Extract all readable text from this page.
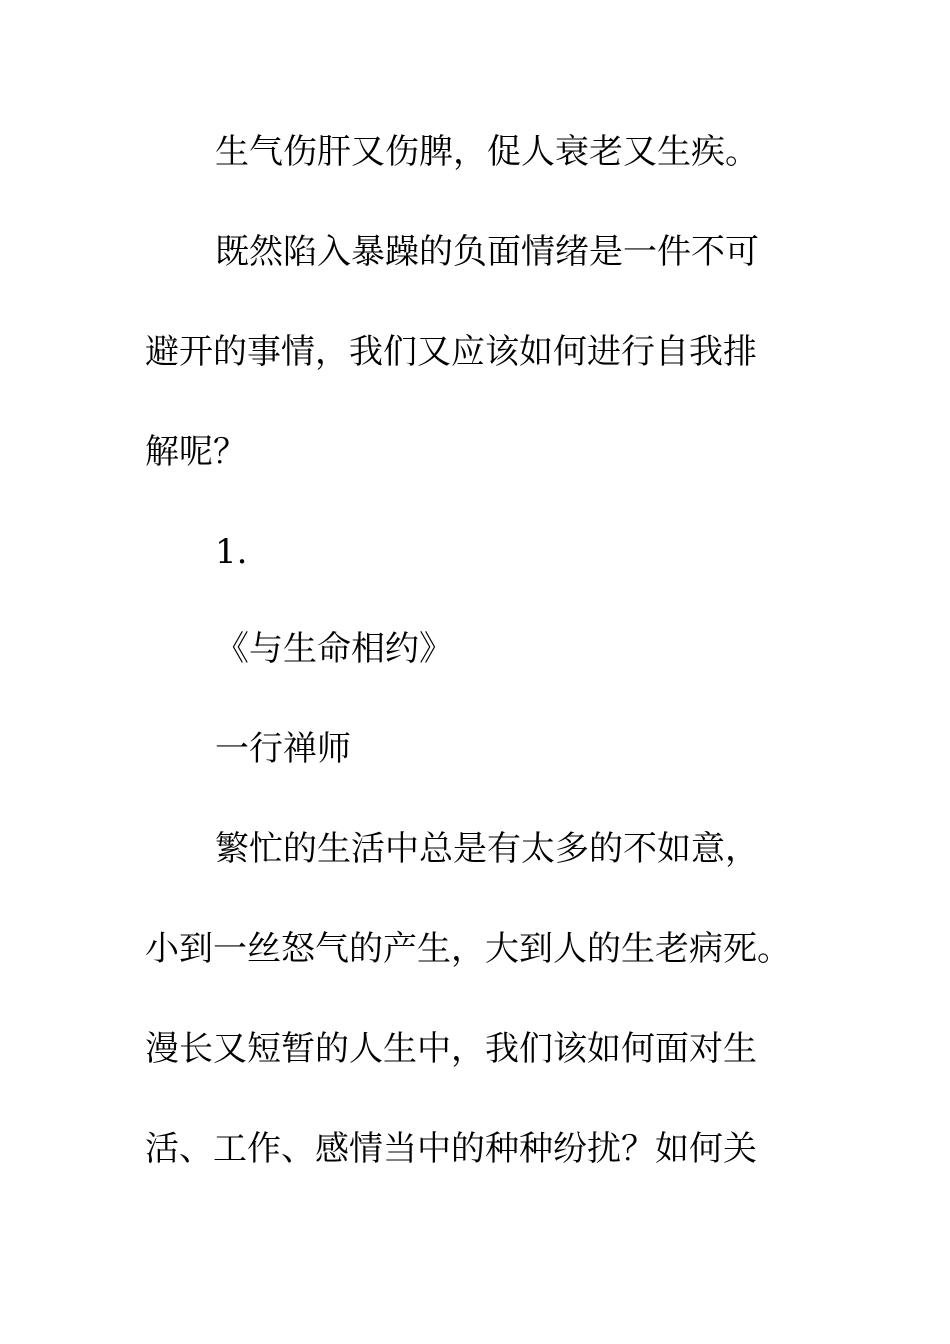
生气伤肝又伤脾，促人衰老又生疾。
既然陷入暴躁的负面情绪是一件不可
避开的事情，我们又应该如何进行自我排
解呢？
1.
《与生命相约》
一行禅师
繁忙的生活中总是有太多的不如意，
小到一丝怒气的产生，大到人的生老病死。
漫长又短暂的人生中，我们该如何面对生
活、工作、感情当中的种种纷扰？如何关
